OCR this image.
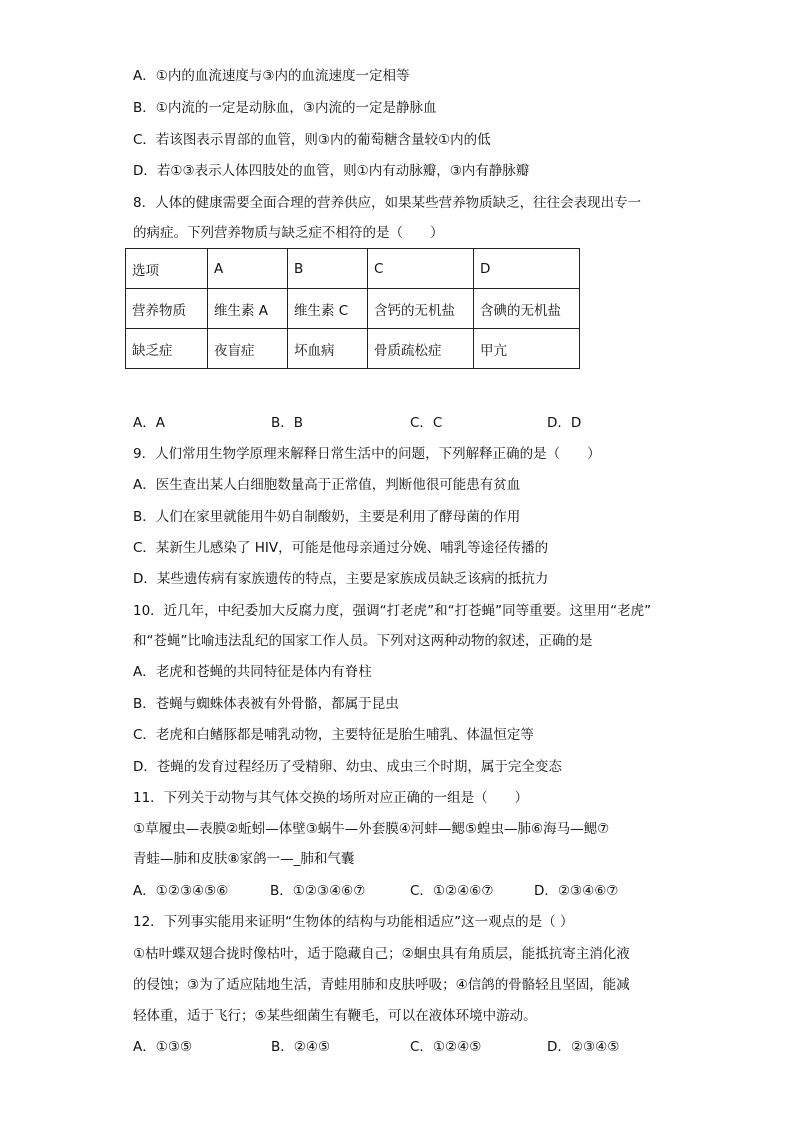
A．①内的血流速度与③内的血流速度一定相等
B．①内流的一定是动脉血，③内流的一定是静脉血
C．若该图表示胃部的血管，则③内的葡萄糖含量较①内的低
D．若①③表示人体四肢处的血管，则①内有动脉瓣，③内有静脉瓣
8．人体的健康需要全面合理的营养供应，如果某些营养物质缺乏，往往会表现出专一
的病症。下列营养物质与缺乏症不相符的是（　　）
选项	A	B	C	D
营养物质	维生素 A	维生素 C	含钙的无机盐	含碘的无机盐
缺乏症	夜盲症	坏血病	骨质疏松症	甲亢
A．A	B．B	C．C	D．D
9．人们常用生物学原理来解释日常生活中的问题，下列解释正确的是（　　）
A．医生查出某人白细胞数量高于正常值，判断他很可能患有贫血
B．人们在家里就能用牛奶自制酸奶，主要是利用了酵母菌的作用
C．某新生儿感染了 HIV，可能是他母亲通过分娩、哺乳等途径传播的
D．某些遗传病有家族遗传的特点，主要是家族成员缺乏该病的抵抗力
10．近几年，中纪委加大反腐力度，强调“打老虎”和“打苍蝇”同等重要。这里用“老虎”
和“苍蝇”比喻违法乱纪的国家工作人员。下列对这两种动物的叙述，正确的是
A．老虎和苍蝇的共同特征是体内有脊柱
B．苍蝇与蜘蛛体表被有外骨骼，都属于昆虫
C．老虎和白鳍豚都是哺乳动物，主要特征是胎生哺乳、体温恒定等
D．苍蝇的发育过程经历了受精卵、幼虫、成虫三个时期，属于完全变态
11．下列关于动物与其气体交换的场所对应正确的一组是（　　）
①草履虫—表膜②蚯蚓—体壁③蜗牛—外套膜④河蚌—鳃⑤蝗虫—肺⑥海马—鳃⑦
青蛙—肺和皮肤⑧家鸽一—_肺和气囊
A．①②③④⑤⑥	B．①②③④⑥⑦	C．①②④⑥⑦	D．②③④⑥⑦
12．下列事实能用来证明“生物体的结构与功能相适应”这一观点的是（ ）
①枯叶蝶双翅合拢时像枯叶，适于隐藏自己；②蛔虫具有角质层，能抵抗寄主消化液
的侵蚀；③为了适应陆地生活，青蛙用肺和皮肤呼吸；④信鸽的骨骼轻且坚固，能减
轻体重，适于飞行；⑤某些细菌生有鞭毛，可以在液体环境中游动。
A．①③⑤	B．②④⑤	C．①②④⑤	D．②③④⑤
